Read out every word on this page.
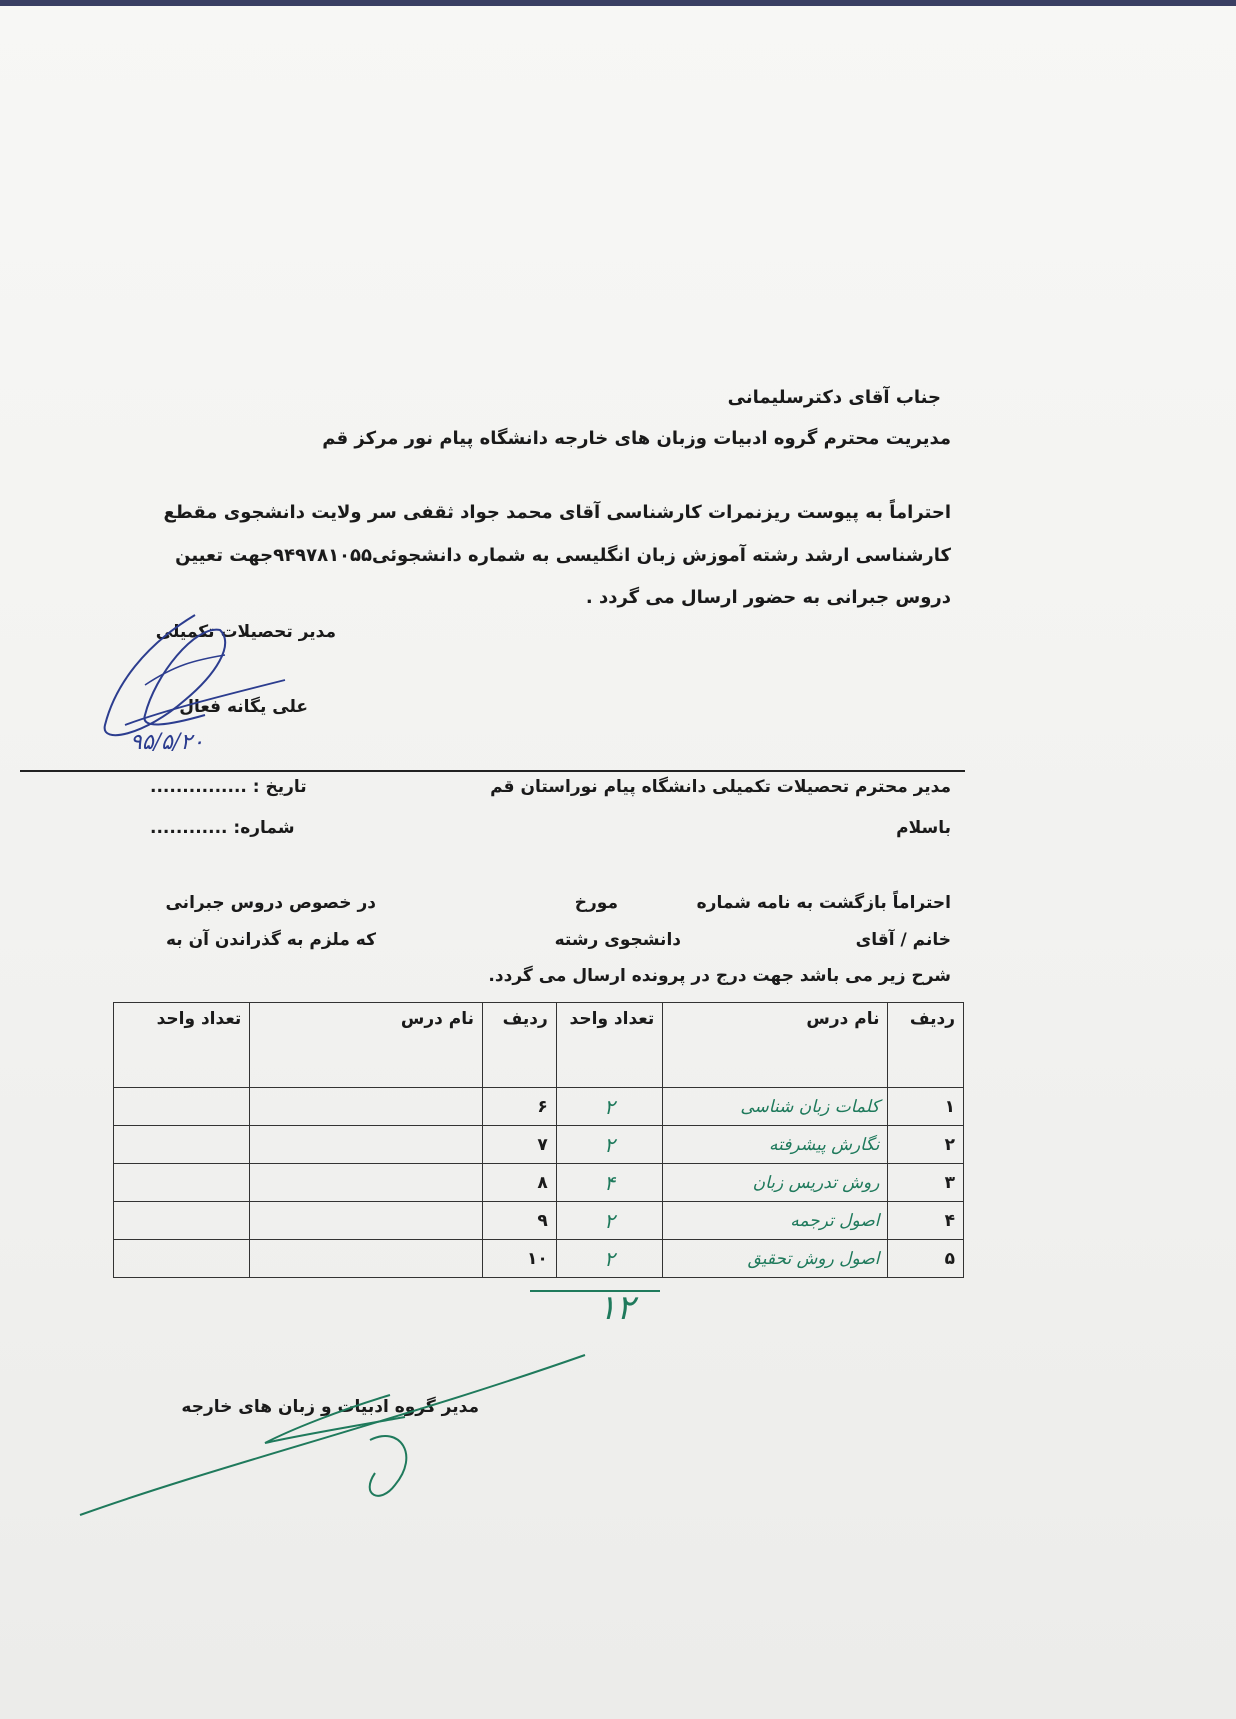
جناب آقای دکترسلیمانی
مدیریت محترم گروه ادبیات وزبان های خارجه دانشگاه پیام نور مرکز قم
احتراماً به پیوست ریزنمرات کارشناسی آقای محمد جواد ثقفی سر ولایت دانشجوی مقطع
کارشناسی ارشد رشته آموزش زبان انگلیسی به شماره دانشجوئی۹۴۹۷۸۱۰۵۵جهت تعیین
دروس جبرانی به حضور ارسال می گردد .
مدیر تحصیلات تکمیلی
علی یگانه فعال
۹۵/۵/۲۰
تاریخ : ...............
شماره: ............
مدیر محترم تحصیلات تکمیلی دانشگاه پیام نوراستان قم
باسلام
احتراماً بازگشت به نامه شماره
مورخ
در خصوص دروس جبرانی
خانم / آقای
دانشجوی رشته
که ملزم به گذراندن آن به
شرح زیر می باشد جهت درج در پرونده ارسال می گردد.
ردیف	نام درس	تعداد واحد	ردیف	نام درس	تعداد واحد
۱	کلمات زبان شناسی	۲	۶		
۲	نگارش پیشرفته	۲	۷		
۳	روش تدریس زبان	۴	۸		
۴	اصول ترجمه	۲	۹		
۵	اصول روش تحقیق	۲	۱۰		
۱۲
مدیر گروه ادبیات و زبان های خارجه
